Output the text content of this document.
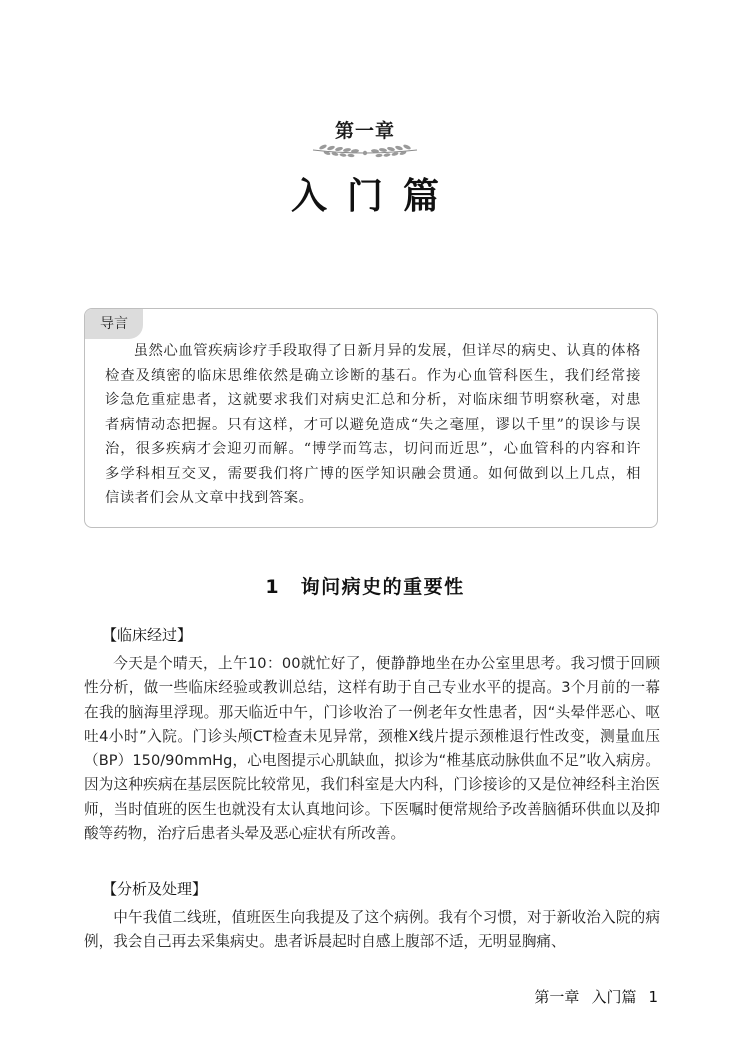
第一章
入门篇
导言

虽然心血管疾病诊疗手段取得了日新月异的发展，但详尽的病史、认真的体格检查及缜密的临床思维依然是确立诊断的基石。作为心血管科医生，我们经常接诊急危重症患者，这就要求我们对病史汇总和分析，对临床细节明察秋毫，对患者病情动态把握。只有这样，才可以避免造成“失之毫厘，谬以千里”的误诊与误治，很多疾病才会迎刃而解。“博学而笃志，切问而近思”，心血管科的内容和许多学科相互交叉，需要我们将广博的医学知识融会贯通。如何做到以上几点，相信读者们会从文章中找到答案。

1　询问病史的重要性

【临床经过】

今天是个晴天，上午10：00就忙好了，便静静地坐在办公室里思考。我习惯于回顾性分析，做一些临床经验或教训总结，这样有助于自己专业水平的提高。3个月前的一幕在我的脑海里浮现。那天临近中午，门诊收治了一例老年女性患者，因“头晕伴恶心、呕吐4小时”入院。门诊头颅CT检查未见异常，颈椎X线片提示颈椎退行性改变，测量血压（BP）150/90mmHg，心电图提示心肌缺血，拟诊为“椎基底动脉供血不足”收入病房。因为这种疾病在基层医院比较常见，我们科室是大内科，门诊接诊的又是位神经科主治医师，当时值班的医生也就没有太认真地问诊。下医嘱时便常规给予改善脑循环供血以及抑酸等药物，治疗后患者头晕及恶心症状有所改善。

【分析及处理】

中午我值二线班，值班医生向我提及了这个病例。我有个习惯，对于新收治入院的病例，我会自己再去采集病史。患者诉晨起时自感上腹部不适，无明显胸痛、

第一章 入门篇 1
